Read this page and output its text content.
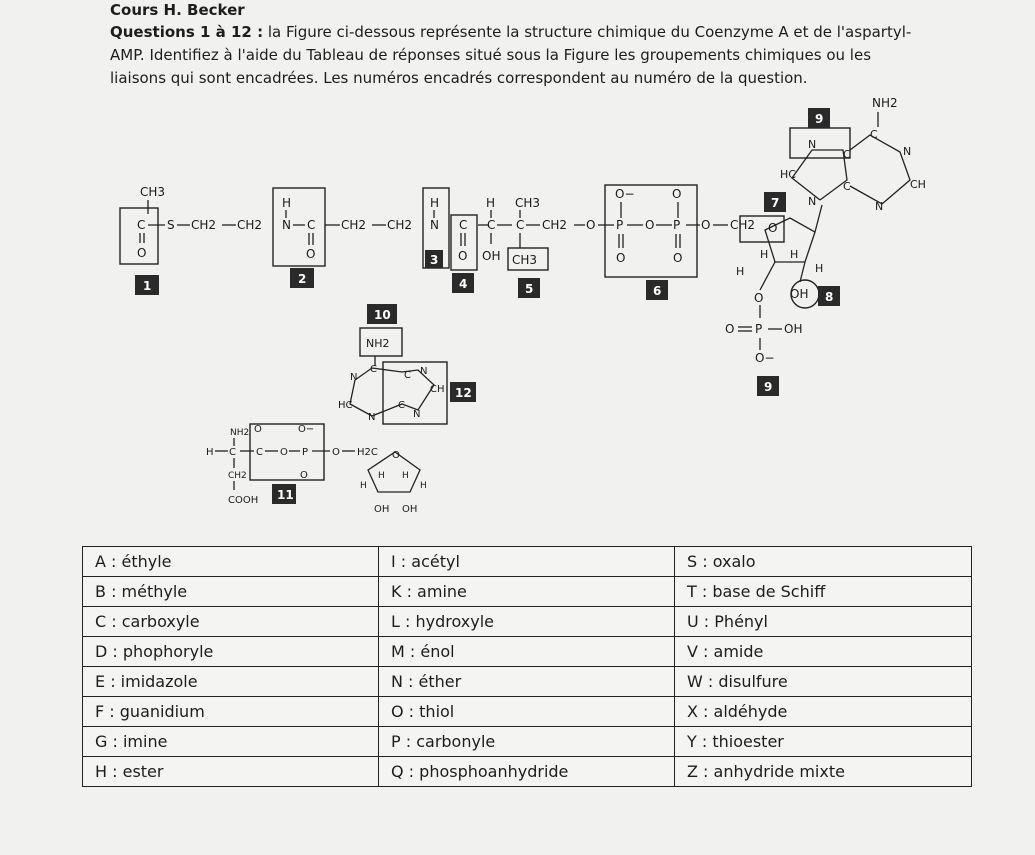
Cours H. Becker
Questions 1 à 12 : la Figure ci-dessous représente la structure chimique du Coenzyme A et de l'aspartyl-
AMP. Identifiez à l'aide du Tableau de réponses situé sous la Figure les groupements chimiques ou les
liaisons qui sont encadrées. Les numéros encadrés correspondent au numéro de la question.
CH3
C S
O
1
CH2 CH2
H
N C
O
2
CH2 CH2
H
N
3
C
O
4
H
C
OH
CH3
C
CH3
5
CH2 O
O−	O
P O P
O	O
6
O CH2 O
H H
H	H
7	N
HC
N
C
C
C
N
CH
N
NH2
9
O OH 8
O P OH
O−
9
10
NH2
N
C
C N
CH
HC	C
N	N
12
NH2
H C
CH2
COOH
O	O−
C O P O
O
H2C
11
O
H H
H	H
OH OH
A : éthyle	I : acétyl	S : oxalo
B : méthyle	K : amine	T : base de Schiff
C : carboxyle	L : hydroxyle	U : Phényl
D : phophoryle	M : énol	V : amide
E : imidazole	N : éther	W : disulfure
F : guanidium	O : thiol	X : aldéhyde
G : imine	P : carbonyle	Y : thioester
H : ester	Q : phosphoanhydride	Z : anhydride mixte
